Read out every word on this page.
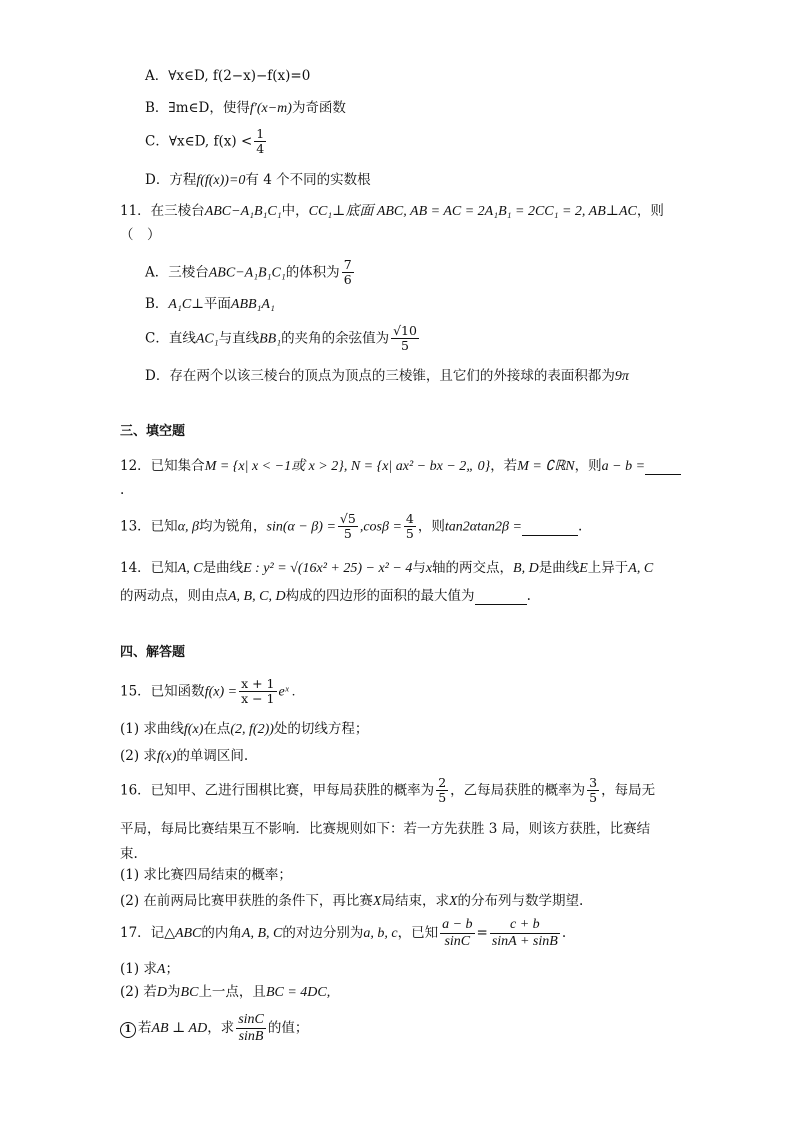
A．∀x∈D, f(2−x)−f(x)=0
B．∃m∈D，使得f′(x−m)为奇函数
C．∀x∈D, $f(x) < \frac{1}{4}$
D．方程f(f(x))=0有 4 个不同的实数根
11．在三棱台ABC−A₁B₁C₁中，CC₁⊥底面 ABC, AB = AC = 2A₁B₁ = 2CC₁ = 2, AB⊥AC，则
（　）
A．三棱台ABC−A₁B₁C₁的体积为 $\frac{7}{6}$
B．A₁C⊥平面ABB₁A₁
C．直线AC₁与直线BB₁的夹角的余弦值为 $\frac{√10}{5}$
D．存在两个以该三棱台的顶点为顶点的三棱锥，且它们的外接球的表面积都为9π
三、填空题
12．已知集合M = {x| x < −1或 x > 2}, N = {x| ax² − bx − 2„ 0}，若M = ∁ℝN，则a − b =
.
13．已知α, β均为锐角，$\sin(\alpha - \beta) = \frac{√5}{5} ,\cos\beta = \frac{4}{5}$ ，则tan2αtan2β =	.
14．已知A, C是曲线E : y² = √(16x² + 25) − x² − 4与x轴的两交点，B, D是曲线E上异于A, C
的两动点，则由点A, B, C, D构成的四边形的面积的最大值为	.
四、解答题
15．已知函数$f(x) = \frac{x + 1}{x - 1}$ eˣ .
(1) 求曲线f(x)在点(2, f(2))处的切线方程；
(2) 求f(x)的单调区间.
16．已知甲、乙进行围棋比赛，甲每局获胜的概率为 $\frac{2}{5}$ ，乙每局获胜的概率为 $\frac{3}{5}$ ，每局无
平局，每局比赛结果互不影响．比赛规则如下：若一方先获胜 3 局，则该方获胜，比赛结
束.
(1) 求比赛四局结束的概率；
(2) 在前两局比赛甲获胜的条件下，再比赛X局结束，求X的分布列与数学期望.
17．记△ABC的内角A, B, C的对边分别为a, b, c，已知 $\frac{a - b}{\sin C} = \frac{c + b}{\sin A + \sin B}$ .
(1) 求A；
(2) 若D为BC上一点，且BC = 4DC,
1 若AB ⊥ AD，求 $\frac{\sin C}{\sin B}$ 的值；
